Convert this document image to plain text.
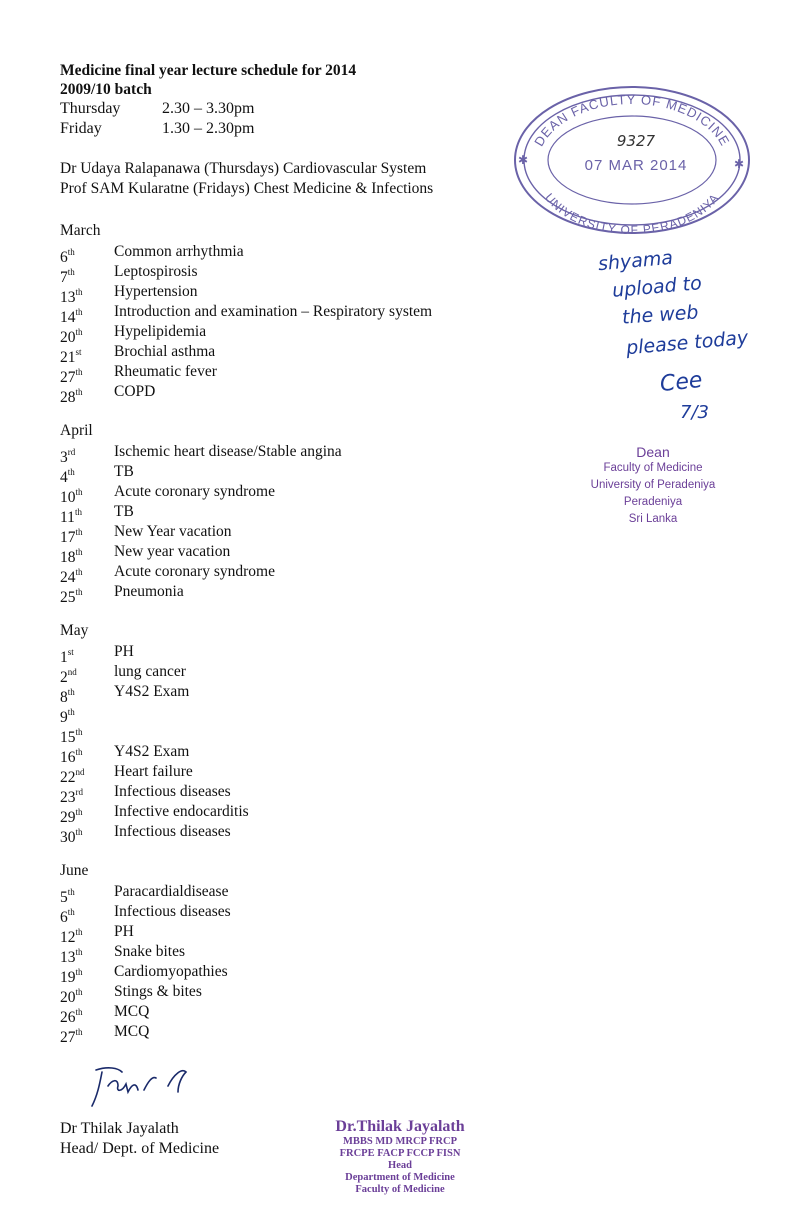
Medicine final year lecture schedule for 2014
2009/10 batch
Thursday	2.30 – 3.30pm
Friday	1.30 – 2.30pm
Dr Udaya Ralapanawa (Thursdays) Cardiovascular System
Prof SAM Kularatne (Fridays) Chest Medicine & Infections
March
6th	Common arrhythmia
7th	Leptospirosis
13th	Hypertension
14th	Introduction and examination – Respiratory system
20th	Hypelipidemia
21st	Brochial asthma
27th	Rheumatic fever
28th	COPD
April
3rd	Ischemic heart disease/Stable angina
4th	TB
10th	Acute coronary syndrome
11th	TB
17th	New Year vacation
18th	New year vacation
24th	Acute coronary syndrome
25th	Pneumonia
May
1st	PH
2nd	lung cancer
8th	Y4S2 Exam
9th
15th
16th	Y4S2 Exam
22nd	Heart failure
23rd	Infectious diseases
29th	Infective endocarditis
30th	Infectious diseases
June
5th	Paracardialdisease
6th	Infectious diseases
12th	PH
13th	Snake bites
19th	Cardiomyopathies
20th	Stings & bites
26th	MCQ
27th	MCQ
DEAN FACULTY OF MEDICINE
UNIVERSITY OF PERADENIYA
✱	✱
9327
07 MAR 2014
shyama
upload to
the web
please today
Cee
7/3
Dean
Faculty of Medicine
University of Peradeniya
Peradeniya
Sri Lanka
Dr Thilak Jayalath
Head/ Dept. of Medicine
Dr.Thilak Jayalath
MBBS MD MRCP FRCP
FRCPE FACP FCCP FISN
Head
Department of Medicine
Faculty of Medicine
